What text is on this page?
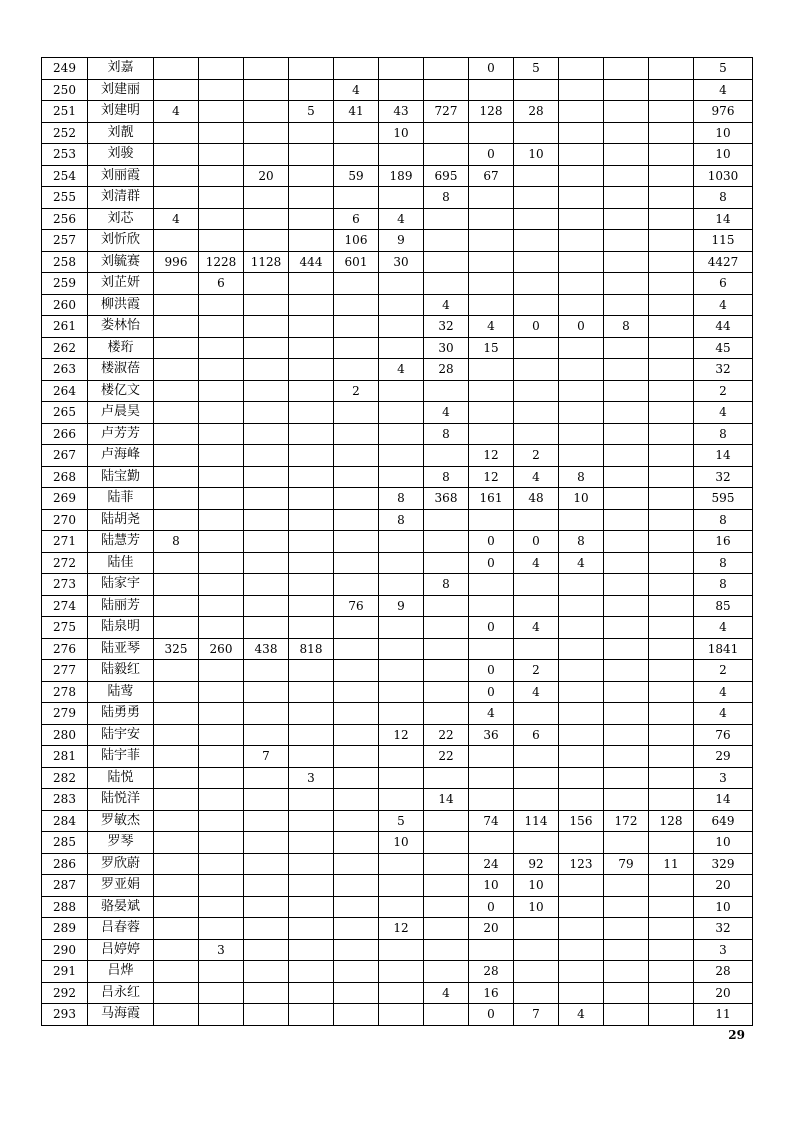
249	刘嘉								0	5				5
250	刘建丽					4								4
251	刘建明	4			5	41	43	727	128	28				976
252	刘靓						10							10
253	刘骏								0	10				10
254	刘丽霞			20		59	189	695	67					1030
255	刘清群							8						8
256	刘芯	4				6	4							14
257	刘忻欣					106	9							115
258	刘毓赛	996	1228	1128	444	601	30							4427
259	刘芷妍		6											6
260	柳洪霞							4						4
261	娄林怡							32	4	0	0	8		44
262	楼珩							30	15					45
263	楼淑蓓						4	28						32
264	楼亿文					2								2
265	卢晨昊							4						4
266	卢芳芳							8						8
267	卢海峰								12	2				14
268	陆宝勤							8	12	4	8			32
269	陆菲						8	368	161	48	10			595
270	陆胡尧						8							8
271	陆慧芳	8							0	0	8			16
272	陆佳								0	4	4			8
273	陆家宇							8						8
274	陆丽芳					76	9							85
275	陆泉明								0	4				4
276	陆亚琴	325	260	438	818									1841
277	陆毅红								0	2				2
278	陆莺								0	4				4
279	陆勇勇								4					4
280	陆宇安						12	22	36	6				76
281	陆宇菲			7				22						29
282	陆悦				3									3
283	陆悦洋							14						14
284	罗敏杰						5		74	114	156	172	128	649
285	罗琴						10							10
286	罗欣蔚								24	92	123	79	11	329
287	罗亚娟								10	10				20
288	骆晏斌								0	10				10
289	吕春蓉						12		20					32
290	吕婷婷		3											3
291	吕烨								28					28
292	吕永红							4	16					20
293	马海霞								0	7	4			11
29
